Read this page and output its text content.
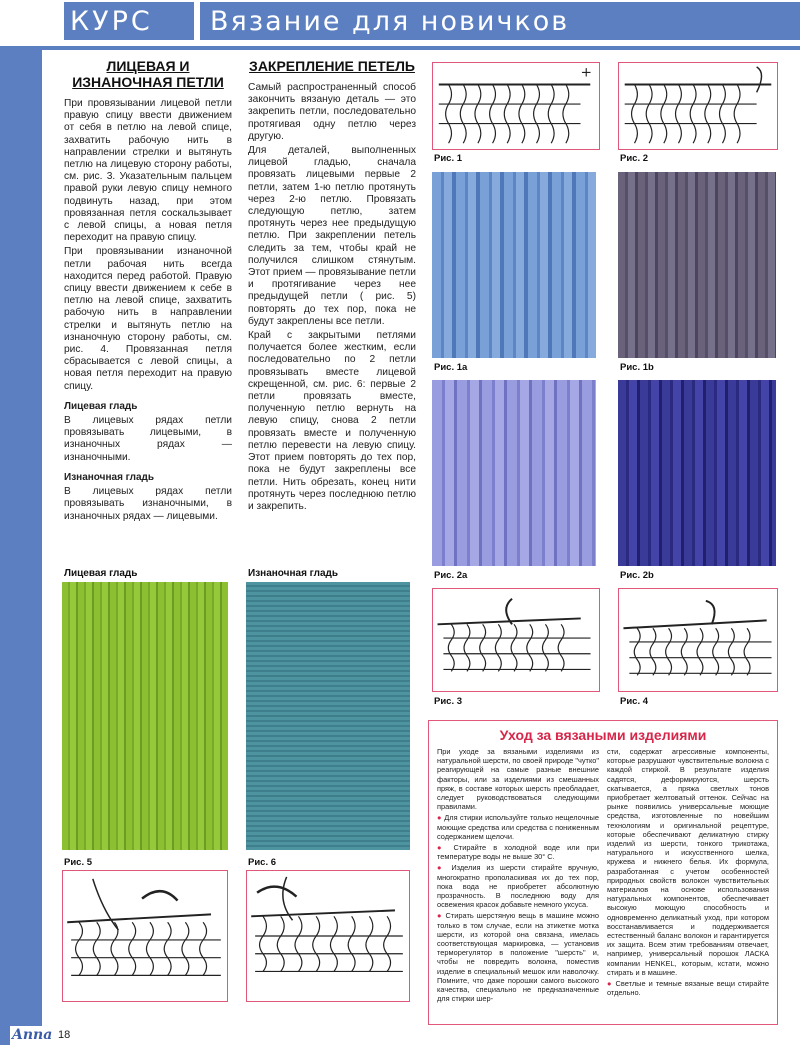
КУРС	Вязание для новичков
ЛИЦЕВАЯ И ИЗНАНОЧНАЯ ПЕТЛИ

При провязывании лицевой петли правую спицу ввести движением от себя в петлю на левой спице, захватить рабочую нить в направлении стрелки и вытянуть петлю на лицевую сторону работы, см. рис. 3. Указательным пальцем правой руки левую спицу немного подвинуть назад, при этом провязанная петля соскальзывает с левой спицы, а новая петля переходит на правую спицу.

При провязывании изнаночной петли рабочая нить всегда находится перед работой. Правую спицу ввести движением к себе в петлю на левой спице, захватить рабочую нить в направлении стрелки и вытянуть петлю на изнаночную сторону работы, см. рис. 4. Провязанная петля сбрасывается с левой спицы, а новая петля переходит на правую спицу.

Лицевая гладь

В лицевых рядах петли провязывать лицевыми, в изнаночных рядах — изнаночными.

Изнаночная гладь

В лицевых рядах петли провязывать изнаночными, в изнаночных рядах — лицевыми.

ЗАКРЕПЛЕНИЕ ПЕТЕЛЬ

Самый распространенный способ закончить вязаную деталь — это закрепить петли, последовательно протягивая одну петлю через другую.

Для деталей, выполненных лицевой гладью, сначала провязать лицевыми первые 2 петли, затем 1-ю петлю протянуть через 2-ю петлю. Провязать следующую петлю, затем протянуть через нее предыдущую петлю. При закреплении петель следить за тем, чтобы край не получился слишком стянутым. Этот прием — провязывание петли и протягивание через нее предыдущей петли ( рис. 5) повторять до тех пор, пока не будут закреплены все петли.

Край с закрытыми петлями получается более жестким, если последовательно по 2 петли провязывать вместе лицевой скрещенной, см. рис. 6: первые 2 петли провязать вместе, полученную петлю вернуть на левую спицу, снова 2 петли провязать вместе и полученную петлю перевести на левую спицу. Этот прием повторять до тех пор, пока не будут закреплены все петли. Нить обрезать, конец нити протянуть через последнюю петлю и закрепить.

+
Рис. 1	Рис. 2
Рис. 1a	Рис. 1b
Рис. 2a	Рис. 2b
Рис. 3	Рис. 4
Лицевая гладь	Изнаночная гладь
Рис. 5	Рис. 6
Уход за вязаными изделиями

При уходе за вязаными изделиями из натуральной шерсти, по своей природе "чутко" реагирующей на самые разные внешние факторы, или за изделиями из смешанных пряж, в составе которых шерсть преобладает, следует руководствоваться следующими правилами.

● Для стирки используйте только нещелочные моющие средства или средства с пониженным содержанием щелочи.

● Стирайте в холодной воде или при температуре воды не выше 30° С.

● Изделия из шерсти стирайте вручную, многократно прополаскивая их до тех пор, пока вода не приобретет абсолютную прозрачность. В последнюю воду для освежения красок добавьте немного уксуса.

● Стирать шерстяную вещь в машине можно только в том случае, если на этикетке мотка шерсти, из которой она связана, имелась соответствующая маркировка, — установив терморегулятор в положение "шерсть" и, чтобы не повредить волокна, поместив изделие в специальный мешок или наволочку. Помните, что даже порошки самого высокого качества, специально не предназначенные для стирки шер-

сти, содержат агрессивные компоненты, которые разрушают чувствительные волокна с каждой стиркой. В результате изделия садятся, деформируются, шерсть скатывается, а пряжа светлых тонов приобретает желтоватый оттенок. Сейчас на рынке появились универсальные моющие средства, изготовленные по новейшим технологиям и оригинальной рецептуре, которые обеспечивают деликатную стирку изделий из шерсти, тонкого трикотажа, натурального и искусственного шелка, кружева и нижнего белья. Их формула, разработанная с учетом особенностей природных свойств волокон чувствительных материалов на основе использования натуральных компонентов, обеспечивает высокую моющую способность и одновременно деликатный уход, при котором восстанавливается и поддерживается естественный баланс волокон и гарантируется их защита. Всем этим требованиям отвечает, например, универсальный порошок ЛАСКА компании HENKEL, которым, кстати, можно стирать и в машине.

● Светлые и темные вязаные вещи стирайте отдельно.

Anna 18
